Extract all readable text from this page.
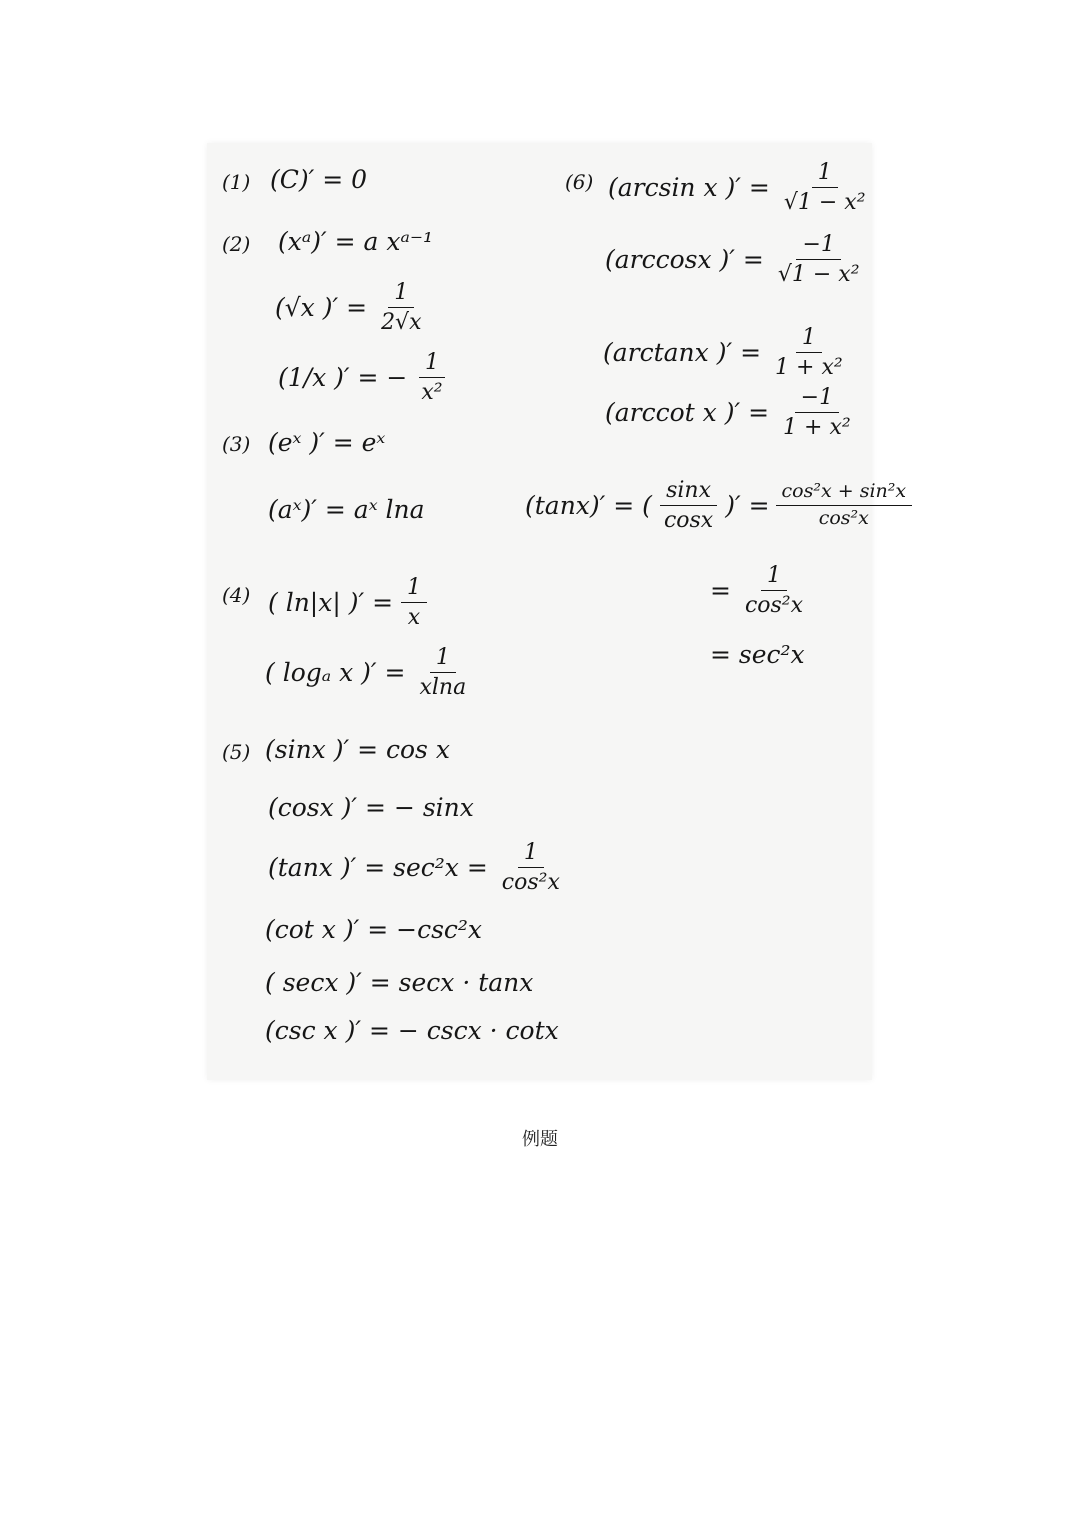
(1) (C)′ = 0
(2) (xᵃ)′ = a xᵃ⁻¹
(√x )′ = $\frac{1}{2√x}$
(1/x )′ = − $\frac{1}{\text{x²}}$
(3) (eˣ )′ = eˣ
(aˣ)′ = aˣ lna
(4) ( ln|x| )′ = $\frac{1}{x}$
( logₐ x )′ = $\frac{1}{xlna}$
(5) (sinx )′ = cos x
(cosx )′ = − sinx
(tanx )′ = $\sec^2x = \frac{1}{\text{cos²x}}$
(cot x )′ = −csc²x
( secx )′ = secx · tanx
(csc x )′ = − cscx · cotx
(6) (arcsin x )′ = $\frac{1}{\text{√1 − x²}}$
(arccosx )′ = $\frac{-1}{\text{√1 − x²}}$
(arctanx )′ = $\frac{1}{\text{1 + x²}}$
(arccot x )′ = $\frac{-1}{\text{1 + x²}}$
(tanx)′ = ( $\frac{\sin x}{\cos x}$ )′ = $\frac{\text{cos²x + sin²x}}{\text{cos²x}}$
= $\frac{1}{\text{cos²x}}$
= sec²x
例题
